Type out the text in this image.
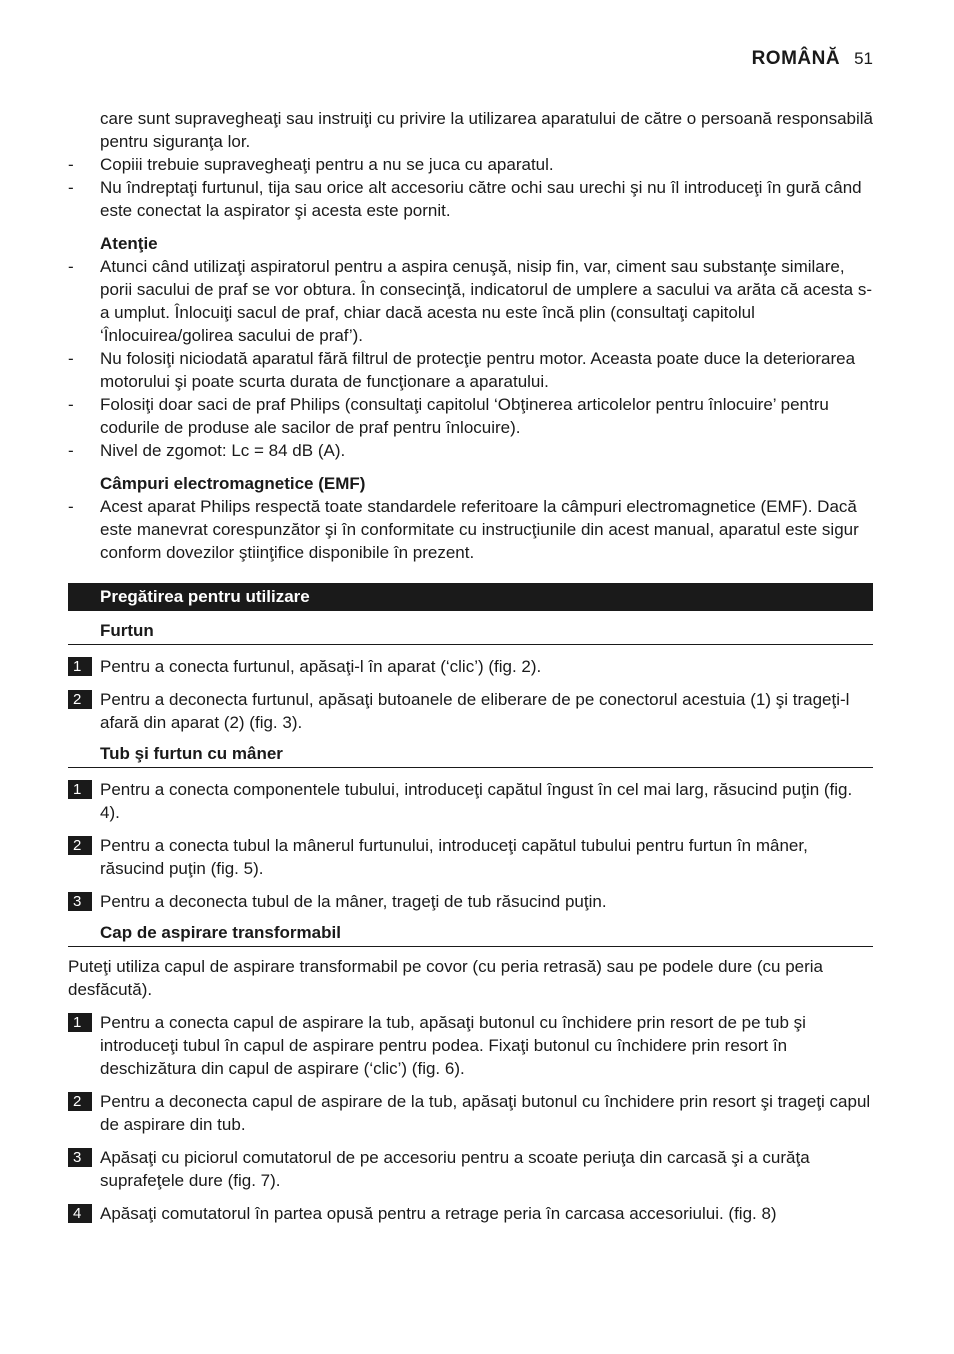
ROMÂNĂ 51
care sunt supravegheaţi sau instruiţi cu privire la utilizarea aparatului de către o persoană responsabilă pentru siguranţa lor.
- Copiii trebuie supravegheaţi pentru a nu se juca cu aparatul.
- Nu îndreptaţi furtunul, tija sau orice alt accesoriu către ochi sau urechi şi nu îl introduceţi în gură când este conectat la aspirator şi acesta este pornit.
Atenţie
- Atunci când utilizaţi aspiratorul pentru a aspira cenuşă, nisip fin, var, ciment sau substanţe similare, porii sacului de praf se vor obtura. În consecinţă, indicatorul de umplere a sacului va arăta că acesta s-a umplut. Înlocuiţi sacul de praf, chiar dacă acesta nu este încă plin (consultaţi capitolul ‘Înlocuirea/golirea sacului de praf’).
- Nu folosiţi niciodată aparatul fără filtrul de protecţie pentru motor. Aceasta poate duce la deteriorarea motorului şi poate scurta durata de funcţionare a aparatului.
- Folosiţi doar saci de praf Philips (consultaţi capitolul ‘Obţinerea articolelor pentru înlocuire’ pentru codurile de produse ale sacilor de praf pentru înlocuire).
- Nivel de zgomot: Lc = 84 dB (A).
Câmpuri electromagnetice (EMF)
- Acest aparat Philips respectă toate standardele referitoare la câmpuri electromagnetice (EMF). Dacă este manevrat corespunzător şi în conformitate cu instrucţiunile din acest manual, aparatul este sigur conform dovezilor ştiinţifice disponibile în prezent.
Pregătirea pentru utilizare
Furtun
1	Pentru a conecta furtunul, apăsaţi-l în aparat (‘clic’) (fig. 2).
2	Pentru a deconecta furtunul, apăsaţi butoanele de eliberare de pe conectorul acestuia (1) şi trageţi-l afară din aparat (2) (fig. 3).
Tub şi furtun cu mâner
1	Pentru a conecta componentele tubului, introduceţi capătul îngust în cel mai larg, răsucind puţin (fig. 4).
2	Pentru a conecta tubul la mânerul furtunului, introduceţi capătul tubului pentru furtun în mâner, răsucind puţin (fig. 5).
3	Pentru a deconecta tubul de la mâner, trageţi de tub răsucind puţin.
Cap de aspirare transformabil
Puteţi utiliza capul de aspirare transformabil pe covor (cu peria retrasă) sau pe podele dure (cu peria desfăcută).
1	Pentru a conecta capul de aspirare la tub, apăsaţi butonul cu închidere prin resort de pe tub şi introduceţi tubul în capul de aspirare pentru podea. Fixaţi butonul cu închidere prin resort în deschizătura din capul de aspirare (‘clic’) (fig. 6).
2	Pentru a deconecta capul de aspirare de la tub, apăsaţi butonul cu închidere prin resort şi trageţi capul de aspirare din tub.
3	Apăsaţi cu piciorul comutatorul de pe accesoriu pentru a scoate periuţa din carcasă şi a curăţa suprafeţele dure (fig. 7).
4	Apăsaţi comutatorul în partea opusă pentru a retrage peria în carcasa accesoriului. (fig. 8)
